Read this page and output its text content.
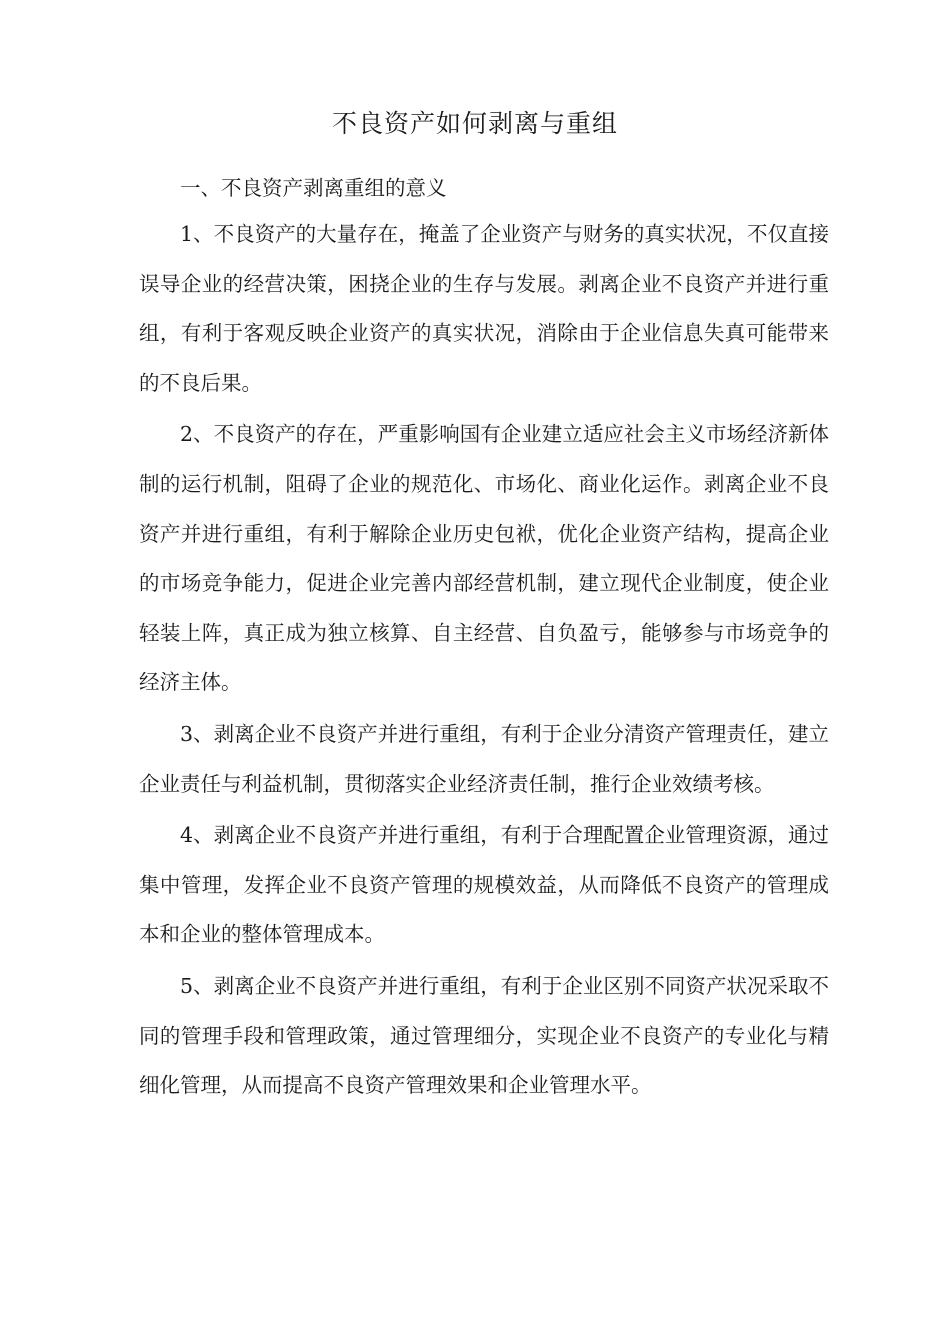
不良资产如何剥离与重组

一、不良资产剥离重组的意义

1、不良资产的大量存在，掩盖了企业资产与财务的真实状况，不仅直接误导企业的经营决策，困挠企业的生存与发展。剥离企业不良资产并进行重组，有利于客观反映企业资产的真实状况，消除由于企业信息失真可能带来的不良后果。

2、不良资产的存在，严重影响国有企业建立适应社会主义市场经济新体制的运行机制，阻碍了企业的规范化、市场化、商业化运作。剥离企业不良资产并进行重组，有利于解除企业历史包袱，优化企业资产结构，提高企业的市场竞争能力，促进企业完善内部经营机制，建立现代企业制度，使企业轻装上阵，真正成为独立核算、自主经营、自负盈亏，能够参与市场竞争的经济主体。

3、剥离企业不良资产并进行重组，有利于企业分清资产管理责任，建立企业责任与利益机制，贯彻落实企业经济责任制，推行企业效绩考核。

4、剥离企业不良资产并进行重组，有利于合理配置企业管理资源，通过集中管理，发挥企业不良资产管理的规模效益，从而降低不良资产的管理成本和企业的整体管理成本。

5、剥离企业不良资产并进行重组，有利于企业区别不同资产状况采取不同的管理手段和管理政策，通过管理细分，实现企业不良资产的专业化与精细化管理，从而提高不良资产管理效果和企业管理水平。
